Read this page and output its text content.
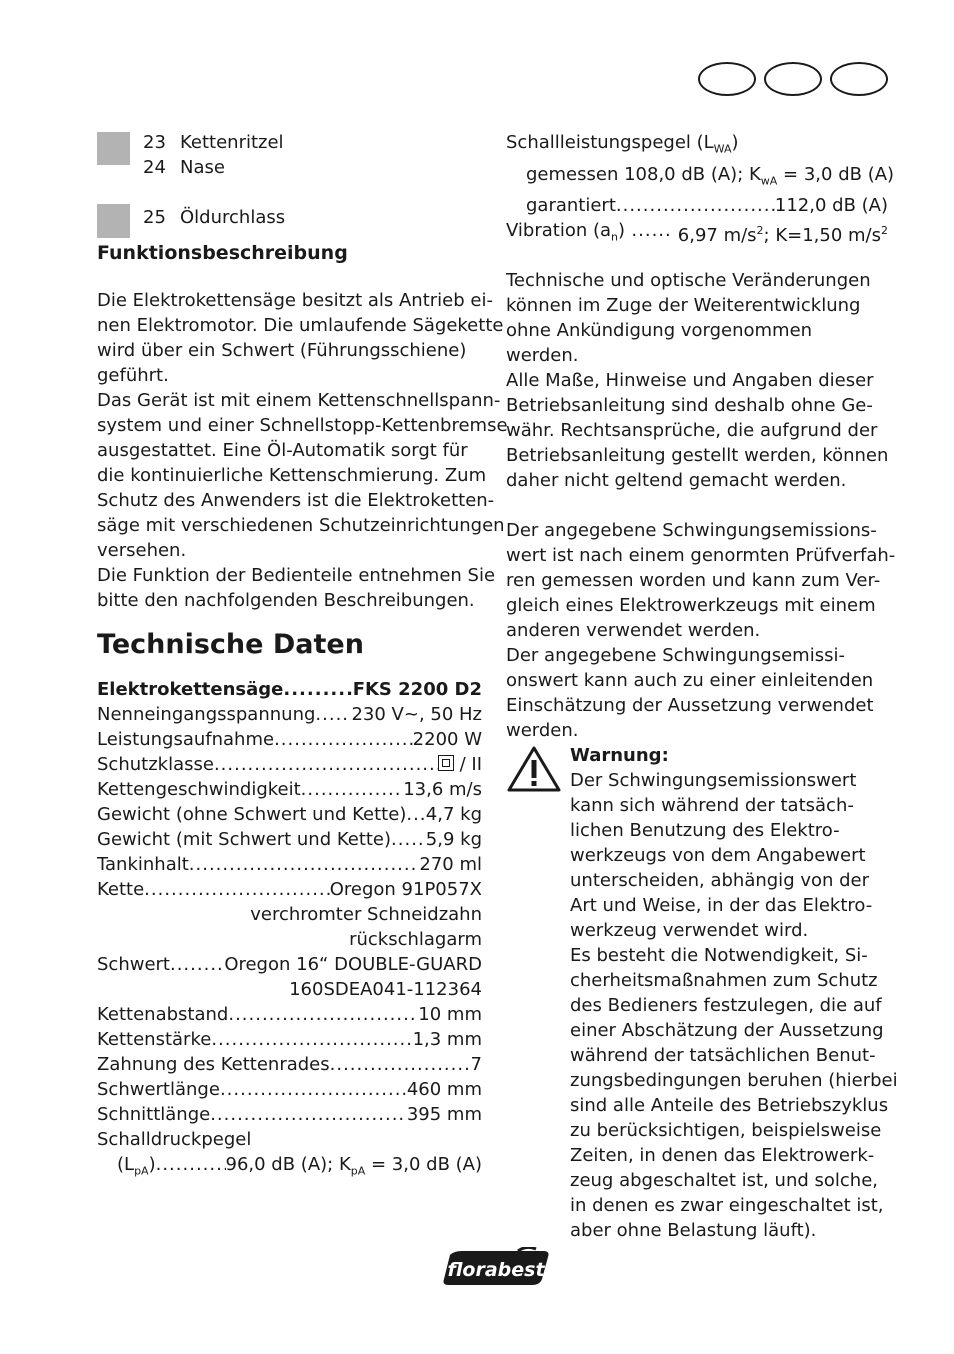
23 Kettenritzel
24 Nase
25 Öldurchlass
Funktionsbeschreibung

Die Elektrokettensäge besitzt als Antrieb ei-

nen Elektromotor. Die umlaufende Sägekette

wird über ein Schwert (Führungsschiene)

geführt.

Das Gerät ist mit einem Kettenschnellspann-

system und einer Schnellstopp-Kettenbremse

ausgestattet. Eine Öl-Automatik sorgt für

die kontinuierliche Kettenschmierung. Zum

Schutz des Anwenders ist die Elektroketten-

säge mit verschiedenen Schutzeinrichtungen

versehen.

Die Funktion der Bedienteile entnehmen Sie

bitte den nachfolgenden Beschreibungen.

Technische Daten
Elektrokettensäge .....	FKS 2200 D2
Nenneingangsspannung ..... 230 V~, 50 Hz
Leistungsaufnahme .....	2200 W
Schutzklasse .....	/ II
Kettengeschwindigkeit .....	13,6 m/s
Gewicht (ohne Schwert und Kette) ..... 4,7 kg
Gewicht (mit Schwert und Kette) ..... 5,9 kg
Tankinhalt .....	270 ml
Kette .....	Oregon 91P057X
verchromter Schneidzahn
rückschlagarm
Schwert .....	Oregon 16“ DOUBLE-GUARD
160SDEA041-112364
Kettenabstand .....	10 mm
Kettenstärke .....	1,3 mm
Zahnung des Kettenrades .....	7
Schwertlänge .....	460 mm
Schnittlänge .....	395 mm

Schalldruckpegel

$(L_{pA})$ .....	96,0 dB (A); $K_{pA} = 3,0$ dB (A)

Schallleistungspegel $(L_{WA})$

gemessen 108,0 dB (A); $K_{wA} = 3,0$ dB (A)

garantiert .....	112,0 dB (A)
Vibration $(a_n)$ .....	6,97 $m/s^2$; K=1,50 $m/s^2$

Technische und optische Veränderungen

können im Zuge der Weiterentwicklung

ohne Ankündigung vorgenommen

werden.

Alle Maße, Hinweise und Angaben dieser

Betriebsanleitung sind deshalb ohne Ge-

währ. Rechtsansprüche, die aufgrund der

Betriebsanleitung gestellt werden, können

daher nicht geltend gemacht werden.

Der angegebene Schwingungsemissions-

wert ist nach einem genormten Prüfverfah-

ren gemessen worden und kann zum Ver-

gleich eines Elektrowerkzeugs mit einem

anderen verwendet werden.

Der angegebene Schwingungsemissi-

onswert kann auch zu einer einleitenden

Einschätzung der Aussetzung verwendet

werden.

Warnung:

Der Schwingungsemissionswert

kann sich während der tatsäch-

lichen Benutzung des Elektro-

werkzeugs von dem Angabewert

unterscheiden, abhängig von der

Art und Weise, in der das Elektro-

werkzeug verwendet wird.

Es besteht die Notwendigkeit, Si-

cherheitsmaßnahmen zum Schutz

des Bedieners festzulegen, die auf

einer Abschätzung der Aussetzung

während der tatsächlichen Benut-

zungsbedingungen beruhen (hierbei

sind alle Anteile des Betriebszyklus

zu berücksichtigen, beispielsweise

Zeiten, in denen das Elektrowerk-

zeug abgeschaltet ist, und solche,

in denen es zwar eingeschaltet ist,

aber ohne Belastung läuft).

florabest
